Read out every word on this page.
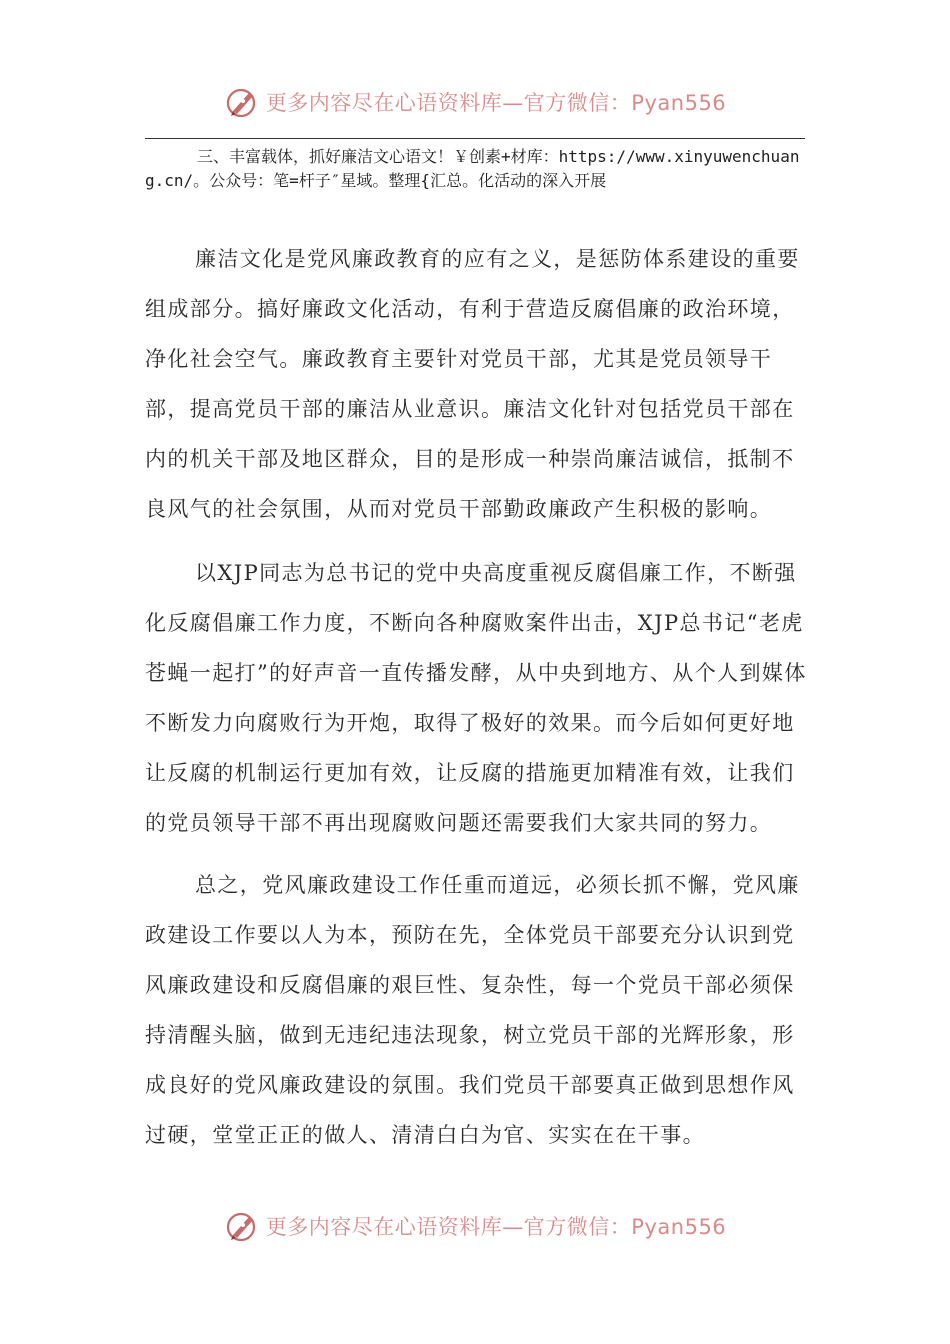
更多内容尽在心语资料库—官方微信：Pyan556

三、丰富载体，抓好廉洁文心语文！￥创素+材库：https://www.xinyuwenchuang.cn/。公众号：笔=杆子″星域。整理{汇总。化活动的深入开展

廉洁文化是党风廉政教育的应有之义，是惩防体系建设的重要组成部分。搞好廉政文化活动，有利于营造反腐倡廉的政治环境，净化社会空气。廉政教育主要针对党员干部，尤其是党员领导干部，提高党员干部的廉洁从业意识。廉洁文化针对包括党员干部在内的机关干部及地区群众，目的是形成一种崇尚廉洁诚信，抵制不良风气的社会氛围，从而对党员干部勤政廉政产生积极的影响。

以XJP同志为总书记的党中央高度重视反腐倡廉工作，不断强化反腐倡廉工作力度，不断向各种腐败案件出击，XJP总书记“老虎苍蝇一起打”的好声音一直传播发酵，从中央到地方、从个人到媒体不断发力向腐败行为开炮，取得了极好的效果。而今后如何更好地让反腐的机制运行更加有效，让反腐的措施更加精准有效，让我们的党员领导干部不再出现腐败问题还需要我们大家共同的努力。

总之，党风廉政建设工作任重而道远，必须长抓不懈，党风廉政建设工作要以人为本，预防在先，全体党员干部要充分认识到党风廉政建设和反腐倡廉的艰巨性、复杂性，每一个党员干部必须保持清醒头脑，做到无违纪违法现象，树立党员干部的光辉形象，形成良好的党风廉政建设的氛围。我们党员干部要真正做到思想作风过硬，堂堂正正的做人、清清白白为官、实实在在干事。

更多内容尽在心语资料库—官方微信：Pyan556
